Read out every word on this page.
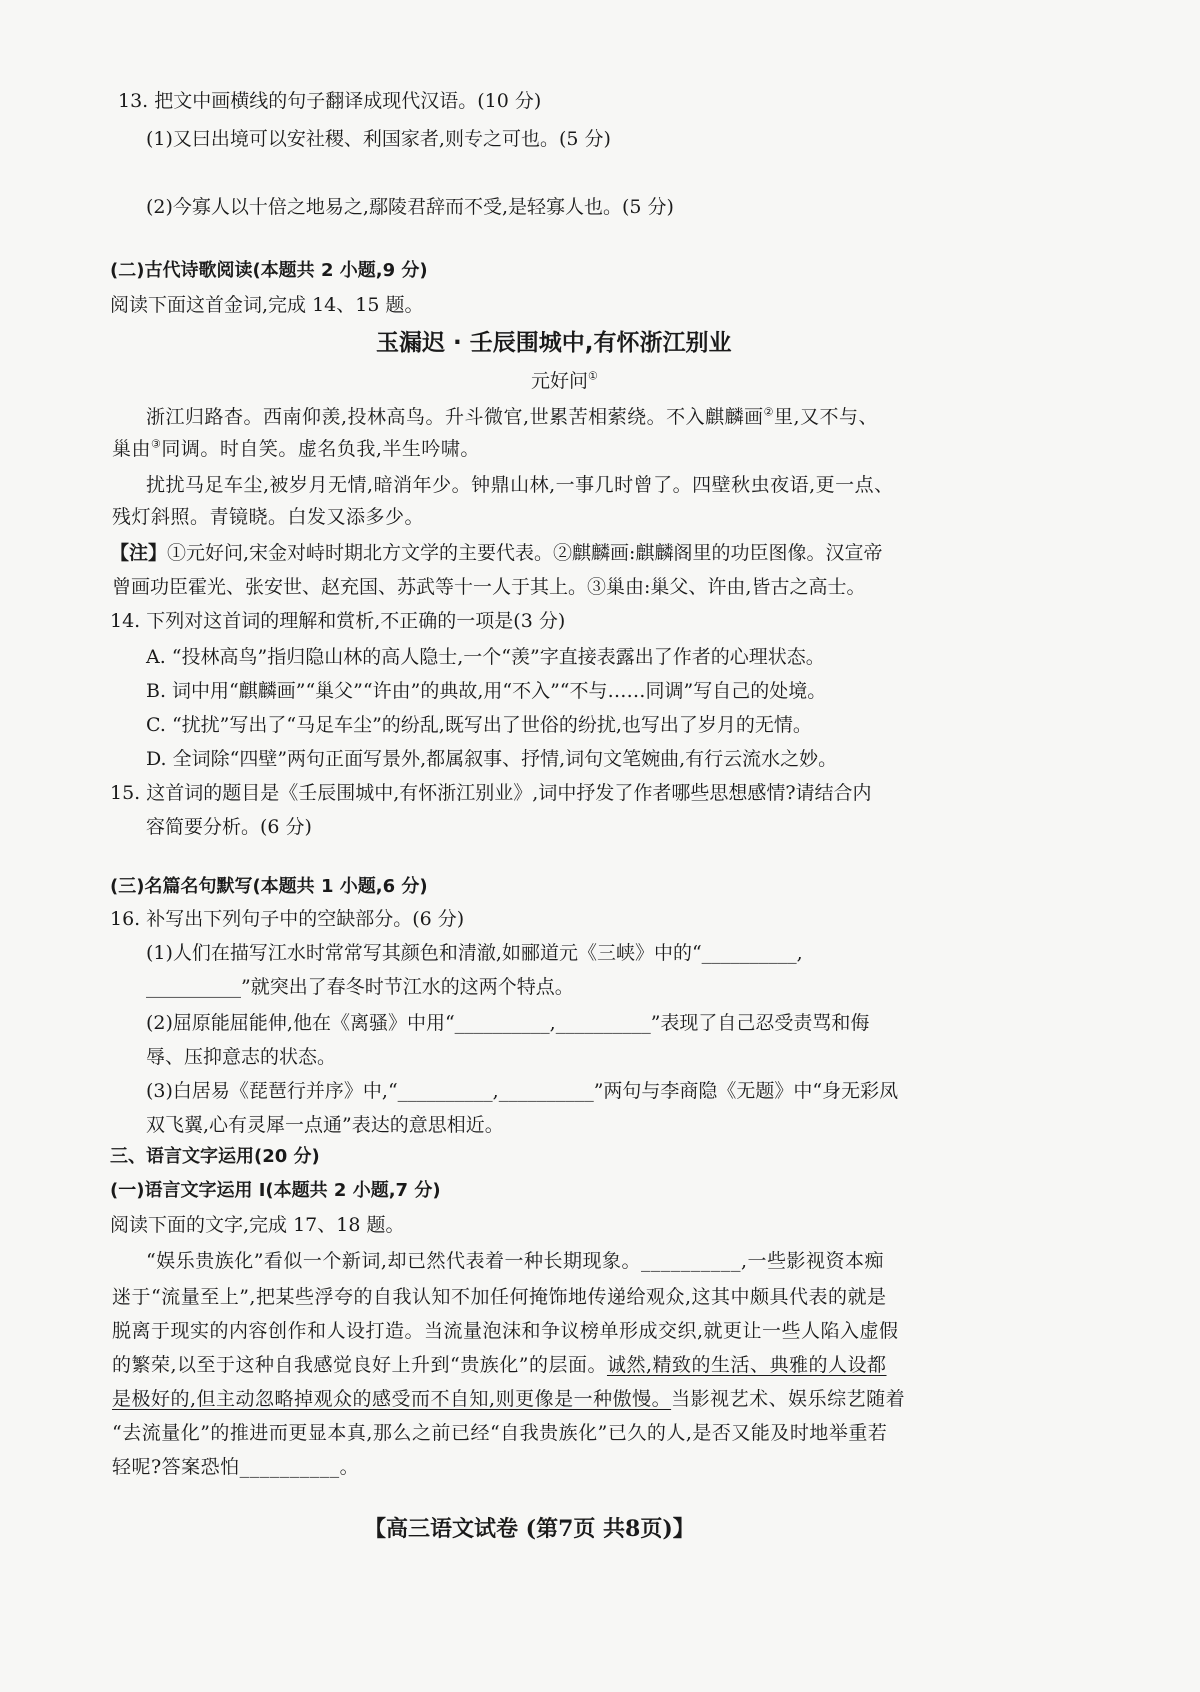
13. 把文中画横线的句子翻译成现代汉语。(10 分)
(1)又曰出境可以安社稷、利国家者,则专之可也。(5 分)
(2)今寡人以十倍之地易之,鄢陵君辞而不受,是轻寡人也。(5 分)
(二)古代诗歌阅读(本题共 2 小题,9 分)
阅读下面这首金词,完成 14、15 题。
玉漏迟 · 壬辰围城中,有怀浙江别业
元好问①
浙江归路杳。西南仰羡,投林高鸟。升斗微官,世累苦相萦绕。不入麒麟画②里,又不与、
巢由③同调。时自笑。虚名负我,半生吟啸。
扰扰马足车尘,被岁月无情,暗消年少。钟鼎山林,一事几时曾了。四壁秋虫夜语,更一点、
残灯斜照。青镜晓。白发又添多少。
【注】①元好问,宋金对峙时期北方文学的主要代表。②麒麟画:麒麟阁里的功臣图像。汉宣帝
曾画功臣霍光、张安世、赵充国、苏武等十一人于其上。③巢由:巢父、许由,皆古之高士。
14. 下列对这首词的理解和赏析,不正确的一项是(3 分)
A. “投林高鸟”指归隐山林的高人隐士,一个“羡”字直接表露出了作者的心理状态。
B. 词中用“麒麟画”“巢父”“许由”的典故,用“不入”“不与……同调”写自己的处境。
C. “扰扰”写出了“马足车尘”的纷乱,既写出了世俗的纷扰,也写出了岁月的无情。
D. 全词除“四壁”两句正面写景外,都属叙事、抒情,词句文笔婉曲,有行云流水之妙。
15. 这首词的题目是《壬辰围城中,有怀浙江别业》,词中抒发了作者哪些思想感情?请结合内
容简要分析。(6 分)
(三)名篇名句默写(本题共 1 小题,6 分)
16. 补写出下列句子中的空缺部分。(6 分)
(1)人们在描写江水时常常写其颜色和清澈,如郦道元《三峡》中的“__________,
__________”就突出了春冬时节江水的这两个特点。
(2)屈原能屈能伸,他在《离骚》中用“__________,__________”表现了自己忍受责骂和侮
辱、压抑意志的状态。
(3)白居易《琵琶行并序》中,“__________,__________”两句与李商隐《无题》中“身无彩凤
双飞翼,心有灵犀一点通”表达的意思相近。
三、语言文字运用(20 分)
(一)语言文字运用 I(本题共 2 小题,7 分)
阅读下面的文字,完成 17、18 题。
“娱乐贵族化”看似一个新词,却已然代表着一种长期现象。__________,一些影视资本痴
迷于“流量至上”,把某些浮夸的自我认知不加任何掩饰地传递给观众,这其中颇具代表的就是
脱离于现实的内容创作和人设打造。当流量泡沫和争议榜单形成交织,就更让一些人陷入虚假
的繁荣,以至于这种自我感觉良好上升到“贵族化”的层面。诚然,精致的生活、典雅的人设都
是极好的,但主动忽略掉观众的感受而不自知,则更像是一种傲慢。当影视艺术、娱乐综艺随着
“去流量化”的推进而更显本真,那么之前已经“自我贵族化”已久的人,是否又能及时地举重若
轻呢?答案恐怕__________。
【高三语文试卷 (第7页 共8页)】
